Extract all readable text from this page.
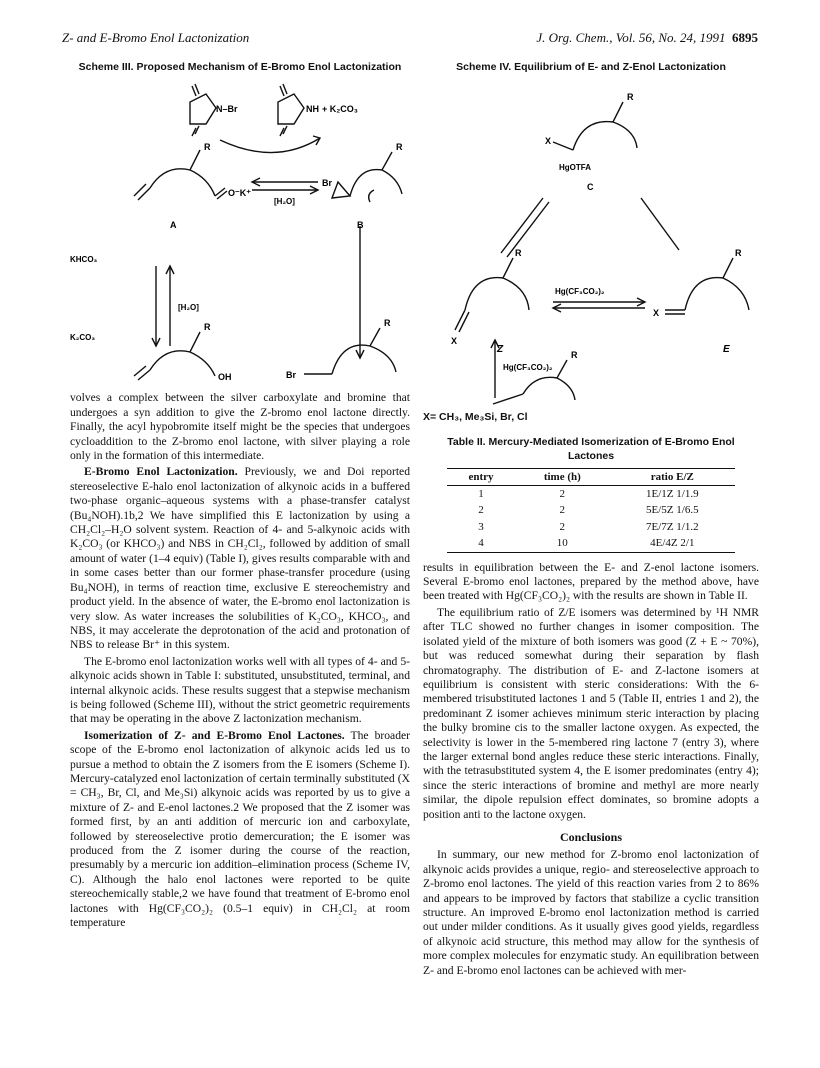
Z- and E-Bromo Enol Lactonization	J. Org. Chem., Vol. 56, No. 24, 1991 6895
Scheme III. Proposed Mechanism of E-Bromo Enol Lactonization
N–Br	NH + K₂CO₃
O⁻K⁺
[H₂O]
Br
R	R
A	B
KHCO₃
[H₂O]
K₂CO₃
R
OH	Br
R

volves a complex between the silver carboxylate and bromine that undergoes a syn addition to give the Z-bromo enol lactone directly. Finally, the acyl hypobromite itself might be the species that undergoes cycloaddition to the Z-bromo enol lactone, with silver playing a role only in the formation of this intermediate.

E-Bromo Enol Lactonization. Previously, we and Doi reported stereoselective E-halo enol lactonization of alkynoic acids in a buffered two-phase organic–aqueous systems with a phase-transfer catalyst (Bu₄NOH).1b,2 We have simplified this E lactonization by using a CH₂Cl₂–H₂O solvent system. Reaction of 4- and 5-alkynoic acids with K₂CO₃ (or KHCO₃) and NBS in CH₂Cl₂, followed by addition of small amount of water (1–4 equiv) (Table I), gives results comparable with and in some cases better than our former phase-transfer procedure (using Bu₄NOH), in terms of reaction time, exclusive E stereochemistry and product yield. In the absence of water, the E-bromo enol lactonization is very slow. As water increases the solubilities of K₂CO₃, KHCO₃, and NBS, it may accelerate the deprotonation of the acid and protonation of NBS to release Br⁺ in this system.

The E-bromo enol lactonization works well with all types of 4- and 5-alkynoic acids shown in Table I: substituted, unsubstituted, terminal, and internal alkynoic acids. These results suggest that a stepwise mechanism is being followed (Scheme III), without the strict geometric requirements that may be operating in the above Z lactonization mechanism.

Isomerization of Z- and E-Bromo Enol Lactones. The broader scope of the E-bromo enol lactonization of alkynoic acids led us to pursue a method to obtain the Z isomers from the E isomers (Scheme I). Mercury-catalyzed enol lactonization of certain terminally substituted (X = CH₃, Br, Cl, and Me₃Si) alkynoic acids was reported by us to give a mixture of Z- and E-enol lactones.2 We proposed that the Z isomer was formed first, by an anti addition of mercuric ion and carboxylate, followed by stereoselective protio demercuration; the E isomer was produced from the Z isomer during the course of the reaction, presumably by a mercuric ion addition–elimination process (Scheme IV, C). Although the halo enol lactones were reported to be quite stereochemically stable,2 we have found that treatment of E-bromo enol lactones with Hg(CF₃CO₂)₂ (0.5–1 equiv) in CH₂Cl₂ at room temperature

Scheme IV. Equilibrium of E- and Z-Enol Lactonization
X
R
HgOTFA
C
Hg(CF₃CO₂)₂
R	R
X
X
Z	E
Hg(CF₃CO₂)₂
R
X= CH₃, Me₃Si, Br, Cl
Table II. Mercury-Mediated Isomerization of E-Bromo Enol Lactones
entry	time (h)	ratio E/Z
1	2	1E/1Z 1/1.9
2	2	5E/5Z 1/6.5
3	2	7E/7Z 1/1.2
4	10	4E/4Z 2/1

results in equilibration between the E- and Z-enol lactone isomers. Several E-bromo enol lactones, prepared by the method above, have been treated with Hg(CF₃CO₂)₂ with the results are shown in Table II.

The equilibrium ratio of Z/E isomers was determined by ¹H NMR after TLC showed no further changes in isomer composition. The isolated yield of the mixture of both isomers was good (Z + E ~ 70%), but was reduced somewhat during their separation by flash chromatography. The distribution of E- and Z-lactone isomers at equilibrium is consistent with steric considerations: With the 6-membered trisubstituted lactones 1 and 5 (Table II, entries 1 and 2), the predominant Z isomer achieves minimum steric interaction by placing the bulky bromine cis to the smaller lactone oxygen. As expected, the selectivity is lower in the 5-membered ring lactone 7 (entry 3), where the larger external bond angles reduce these steric interactions. Finally, with the tetrasubstituted system 4, the E isomer predominates (entry 4); since the steric interactions of bromine and methyl are more nearly similar, the dipole repulsion effect dominates, so bromine adopts a position anti to the lactone oxygen.

Conclusions

In summary, our new method for Z-bromo enol lactonization of alkynoic acids provides a unique, regio- and stereoselective approach to Z-bromo enol lactones. The yield of this reaction varies from 2 to 86% and appears to be improved by factors that stabilize a cyclic transition structure. An improved E-bromo enol lactonization method is carried out under milder conditions. As it usually gives good yields, regardless of alkynoic acid structure, this method may allow for the synthesis of more complex molecules for enzymatic study. An equilibration between Z- and E-bromo enol lactones can be achieved with mer-
